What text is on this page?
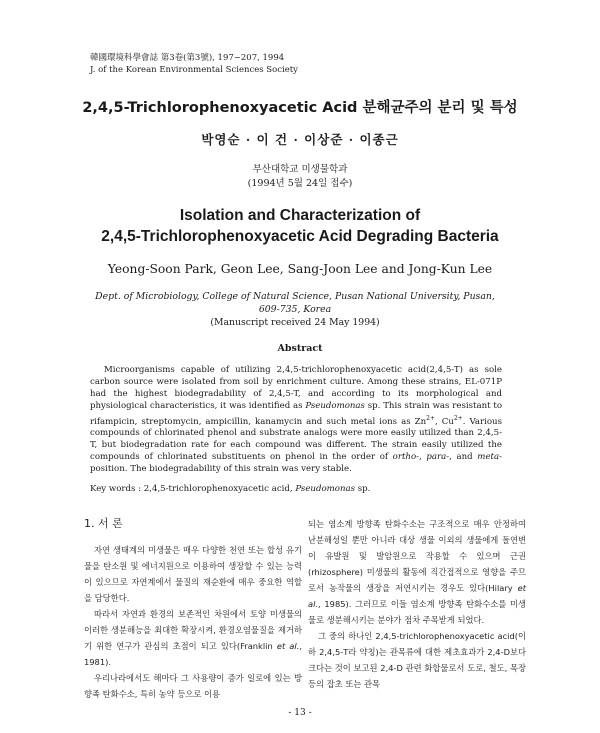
韓國環境科學會誌 第3卷(第3號), 197~207, 1994
J. of the Korean Environmental Sciences Society
2,4,5-Trichlorophenoxyacetic Acid 분해균주의 분리 및 특성
박영순 · 이 건 · 이상준 · 이종근
부산대학교 미생물학과
(1994년 5월 24일 접수)
Isolation and Characterization of
2,4,5-Trichlorophenoxyacetic Acid Degrading Bacteria
Yeong-Soon Park, Geon Lee, Sang-Joon Lee and Jong-Kun Lee
Dept. of Microbiology, College of Natural Science, Pusan National University, Pusan,
609-735, Korea
(Manuscript received 24 May 1994)
Abstract

Microorganisms capable of utilizing 2,4,5-trichlorophenoxyacetic acid(2,4,5-T) as sole carbon source were isolated from soil by enrichment culture. Among these strains, EL-071P had the highest biodegradability of 2,4,5-T, and according to its morphological and physiological characteristics, it was identified as Pseudomonas sp. This strain was resistant to rifampicin, streptomycin, ampicillin, kanamycin and such metal ions as $Zn^{2+}$, $Cu^{2+}$. Various compounds of chlorinated phenol and substrate analogs were more easily utilized than 2,4,5-T, but biodegradation rate for each compound was different. The strain easily utilized the compounds of chlorinated substituents on phenol in the order of ortho-, para-, and meta- position. The biodegradability of this strain was very stable.

Key words : 2,4,5-trichlorophenoxyacetic acid, Pseudomonas sp.
1. 서 론

자연 생태계의 미생물은 매우 다양한 천연 또는 합성 유기물을 탄소원 및 에너지원으로 이용하여 생장할 수 있는 능력이 있으므로 자연계에서 물질의 재순환에 매우 중요한 역할을 담당한다.

따라서 자연과 환경의 보존적인 차원에서 토양 미생물의 이러한 생분해능을 최대한 확장시켜, 환경오염물질을 제거하기 위한 연구가 관심의 초점이 되고 있다(Franklin et al., 1981).

우리나라에서도 해마다 그 사용량이 증가 일로에 있는 방향족 탄화수소, 특히 농약 등으로 이용

되는 염소계 방향족 탄화수소는 구조적으로 매우 안정하여 난분해성일 뿐만 아니라 대상 생물 이외의 생물에게 돌연변이 유발원 및 발암원으로 작용할 수 있으며 근권(rhizosphere) 미생물의 활동에 직간접적으로 영향을 주므로서 농작물의 생장을 저연시키는 경우도 있다(Hilary et al., 1985). 그러므로 이들 염소계 방향족 탄화수소를 미생물로 생분해시키는 분야가 점차 주목받게 되었다.

그 중의 하나인 2,4,5-trichlorophenoxyacetic acid(이하 2,4,5-T라 약칭)는 관목류에 대한 제초효과가 2,4-D보다 크다는 것이 보고된 2,4-D 관련 화합물로서 도로, 철도, 목장 등의 잡초 또는 관목

- 13 -
